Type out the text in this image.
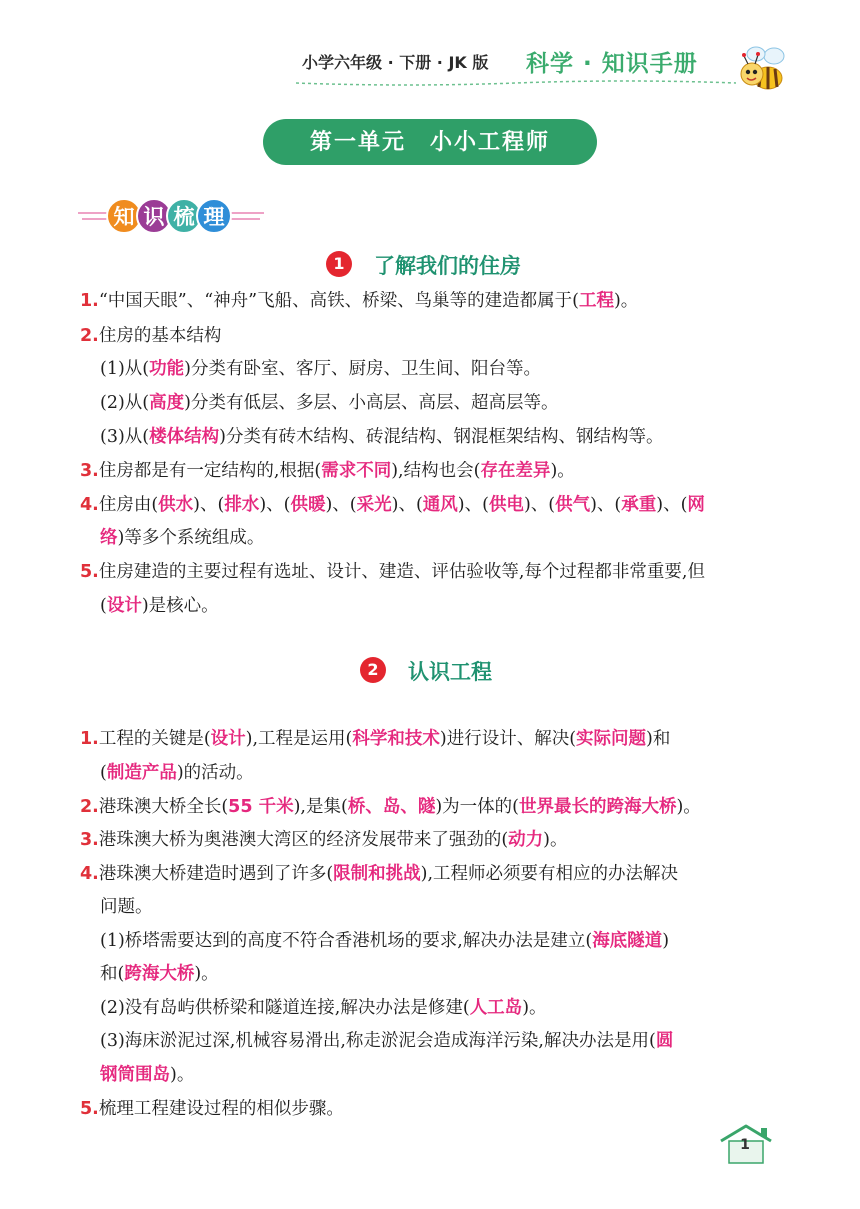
小学六年级 · 下册 · JK 版 科学 · 知识手册
第一单元　小小工程师
知 识 梳 理
1	了解我们的住房
1.“中国天眼”、“神舟”飞船、高铁、桥梁、鸟巢等的建造都属于(工程)。
2.住房的基本结构
(1)从(功能)分类有卧室、客厅、厨房、卫生间、阳台等。
(2)从(高度)分类有低层、多层、小高层、高层、超高层等。
(3)从(楼体结构)分类有砖木结构、砖混结构、钢混框架结构、钢结构等。
3.住房都是有一定结构的,根据(需求不同),结构也会(存在差异)。
4.住房由(供水)、(排水)、(供暖)、(采光)、(通风)、(供电)、(供气)、(承重)、(网
络)等多个系统组成。
5.住房建造的主要过程有选址、设计、建造、评估验收等,每个过程都非常重要,但
(设计)是核心。
2	认识工程
1.工程的关键是(设计),工程是运用(科学和技术)进行设计、解决(实际问题)和
(制造产品)的活动。
2.港珠澳大桥全长(55 千米),是集(桥、岛、隧)为一体的(世界最长的跨海大桥)。
3.港珠澳大桥为奥港澳大湾区的经济发展带来了强劲的(动力)。
4.港珠澳大桥建造时遇到了许多(限制和挑战),工程师必须要有相应的办法解决
问题。
(1)桥塔需要达到的高度不符合香港机场的要求,解决办法是建立(海底隧道)
和(跨海大桥)。
(2)没有岛屿供桥梁和隧道连接,解决办法是修建(人工岛)。
(3)海床淤泥过深,机械容易滑出,称走淤泥会造成海洋污染,解决办法是用(圆
钢筒围岛)。
5.梳理工程建设过程的相似步骤。
1
